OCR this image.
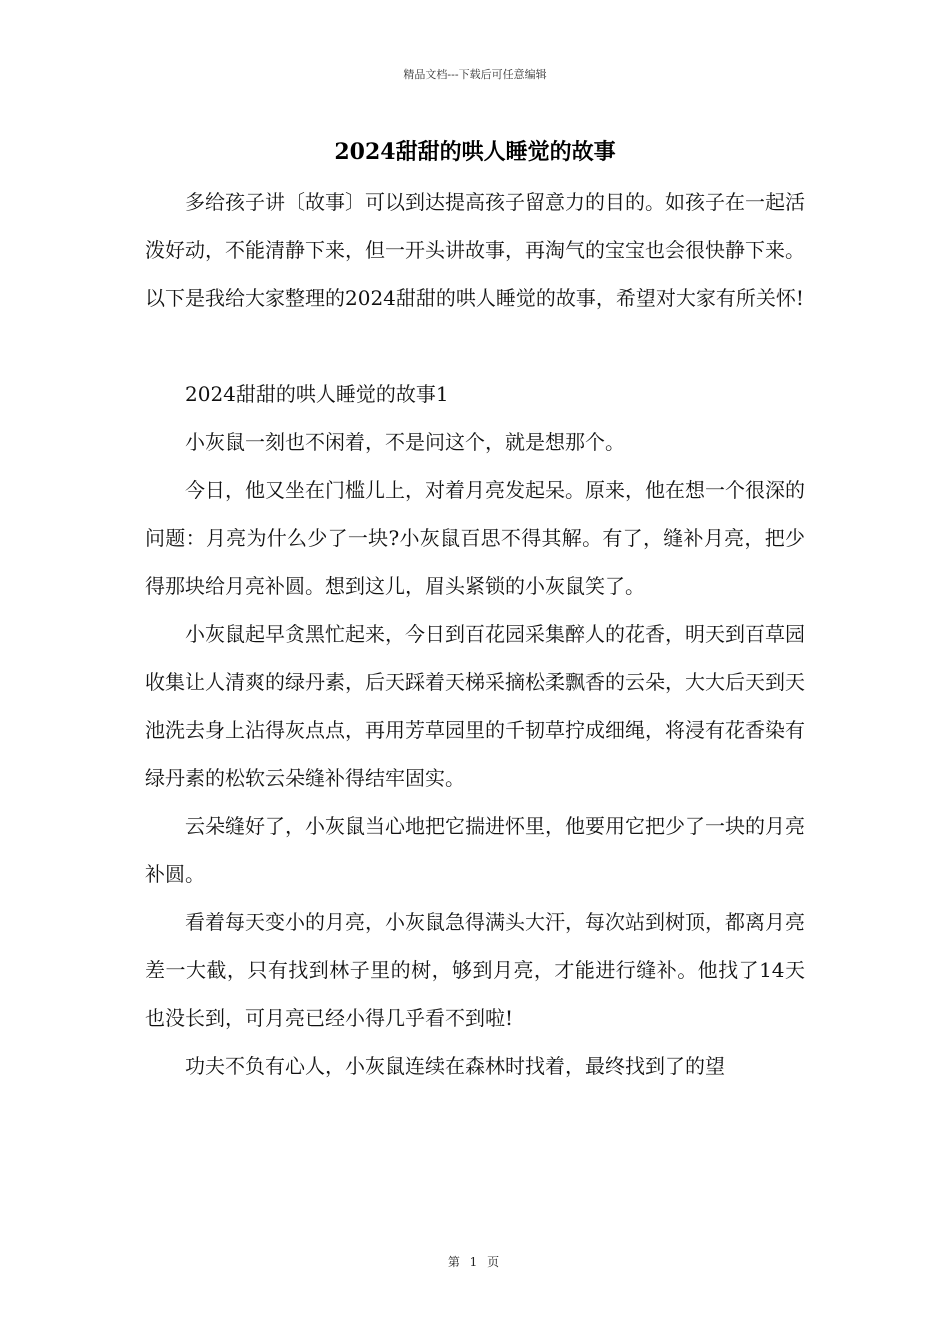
精品文档---下载后可任意编辑
2024甜甜的哄人睡觉的故事

多给孩子讲〔故事〕可以到达提高孩子留意力的目的。如孩子在一起活泼好动，不能清静下来，但一开头讲故事，再淘气的宝宝也会很快静下来。以下是我给大家整理的2024甜甜的哄人睡觉的故事，希望对大家有所关怀!

2024甜甜的哄人睡觉的故事1

小灰鼠一刻也不闲着，不是问这个，就是想那个。

今日，他又坐在门槛儿上，对着月亮发起呆。原来，他在想一个很深的问题：月亮为什么少了一块?小灰鼠百思不得其解。有了，缝补月亮，把少得那块给月亮补圆。想到这儿，眉头紧锁的小灰鼠笑了。

小灰鼠起早贪黑忙起来，今日到百花园采集醉人的花香，明天到百草园收集让人清爽的绿丹素，后天踩着天梯采摘松柔飘香的云朵，大大后天到天池洗去身上沾得灰点点，再用芳草园里的千韧草拧成细绳，将浸有花香染有绿丹素的松软云朵缝补得结牢固实。

云朵缝好了，小灰鼠当心地把它揣进怀里，他要用它把少了一块的月亮补圆。

看着每天变小的月亮，小灰鼠急得满头大汗，每次站到树顶，都离月亮差一大截，只有找到林子里的树，够到月亮，才能进行缝补。他找了14天也没长到，可月亮已经小得几乎看不到啦!

功夫不负有心人，小灰鼠连续在森林时找着，最终找到了的望

第 1 页
